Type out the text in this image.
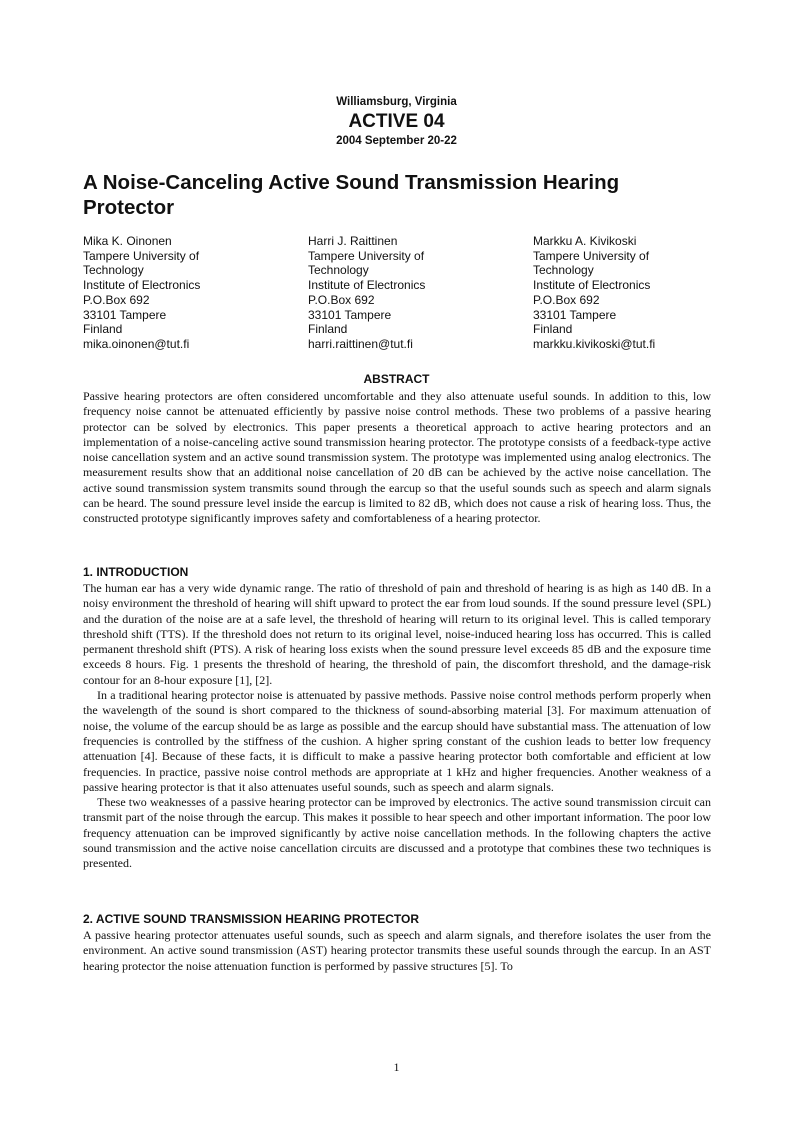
Williamsburg, Virginia
ACTIVE 04
2004 September 20-22
A Noise-Canceling Active Sound Transmission Hearing Protector
Mika K. Oinonen
Tampere University of
Technology
Institute of Electronics
P.O.Box 692
33101 Tampere
Finland
mika.oinonen@tut.fi
Harri J. Raittinen
Tampere University of
Technology
Institute of Electronics
P.O.Box 692
33101 Tampere
Finland
harri.raittinen@tut.fi
Markku A. Kivikoski
Tampere University of
Technology
Institute of Electronics
P.O.Box 692
33101 Tampere
Finland
markku.kivikoski@tut.fi
ABSTRACT

Passive hearing protectors are often considered uncomfortable and they also attenuate useful sounds. In addition to this, low frequency noise cannot be attenuated efficiently by passive noise control methods. These two problems of a passive hearing protector can be solved by electronics. This paper presents a theoretical approach to active hearing protectors and an implementation of a noise-canceling active sound transmission hearing protector. The prototype consists of a feedback-type active noise cancellation system and an active sound transmission system. The prototype was implemented using analog electronics. The measurement results show that an additional noise cancellation of 20 dB can be achieved by the active noise cancellation. The active sound transmission system transmits sound through the earcup so that the useful sounds such as speech and alarm signals can be heard. The sound pressure level inside the earcup is limited to 82 dB, which does not cause a risk of hearing loss. Thus, the constructed prototype significantly improves safety and comfortableness of a hearing protector.

1. INTRODUCTION

The human ear has a very wide dynamic range. The ratio of threshold of pain and threshold of hearing is as high as 140 dB. In a noisy environment the threshold of hearing will shift upward to protect the ear from loud sounds. If the sound pressure level (SPL) and the duration of the noise are at a safe level, the threshold of hearing will return to its original level. This is called temporary threshold shift (TTS). If the threshold does not return to its original level, noise-induced hearing loss has occurred. This is called permanent threshold shift (PTS). A risk of hearing loss exists when the sound pressure level exceeds 85 dB and the exposure time exceeds 8 hours. Fig. 1 presents the threshold of hearing, the threshold of pain, the discomfort threshold, and the damage-risk contour for an 8-hour exposure [1], [2].

In a traditional hearing protector noise is attenuated by passive methods. Passive noise control methods perform properly when the wavelength of the sound is short compared to the thickness of sound-absorbing material [3]. For maximum attenuation of noise, the volume of the earcup should be as large as possible and the earcup should have substantial mass. The attenuation of low frequencies is controlled by the stiffness of the cushion. A higher spring constant of the cushion leads to better low frequency attenuation [4]. Because of these facts, it is difficult to make a passive hearing protector both comfortable and efficient at low frequencies. In practice, passive noise control methods are appropriate at 1 kHz and higher frequencies. Another weakness of a passive hearing protector is that it also attenuates useful sounds, such as speech and alarm signals.

These two weaknesses of a passive hearing protector can be improved by electronics. The active sound transmission circuit can transmit part of the noise through the earcup. This makes it possible to hear speech and other important information. The poor low frequency attenuation can be improved significantly by active noise cancellation methods. In the following chapters the active sound transmission and the active noise cancellation circuits are discussed and a prototype that combines these two techniques is presented.

2. ACTIVE SOUND TRANSMISSION HEARING PROTECTOR

A passive hearing protector attenuates useful sounds, such as speech and alarm signals, and therefore isolates the user from the environment. An active sound transmission (AST) hearing protector transmits these useful sounds through the earcup. In an AST hearing protector the noise attenuation function is performed by passive structures [5]. To

1
